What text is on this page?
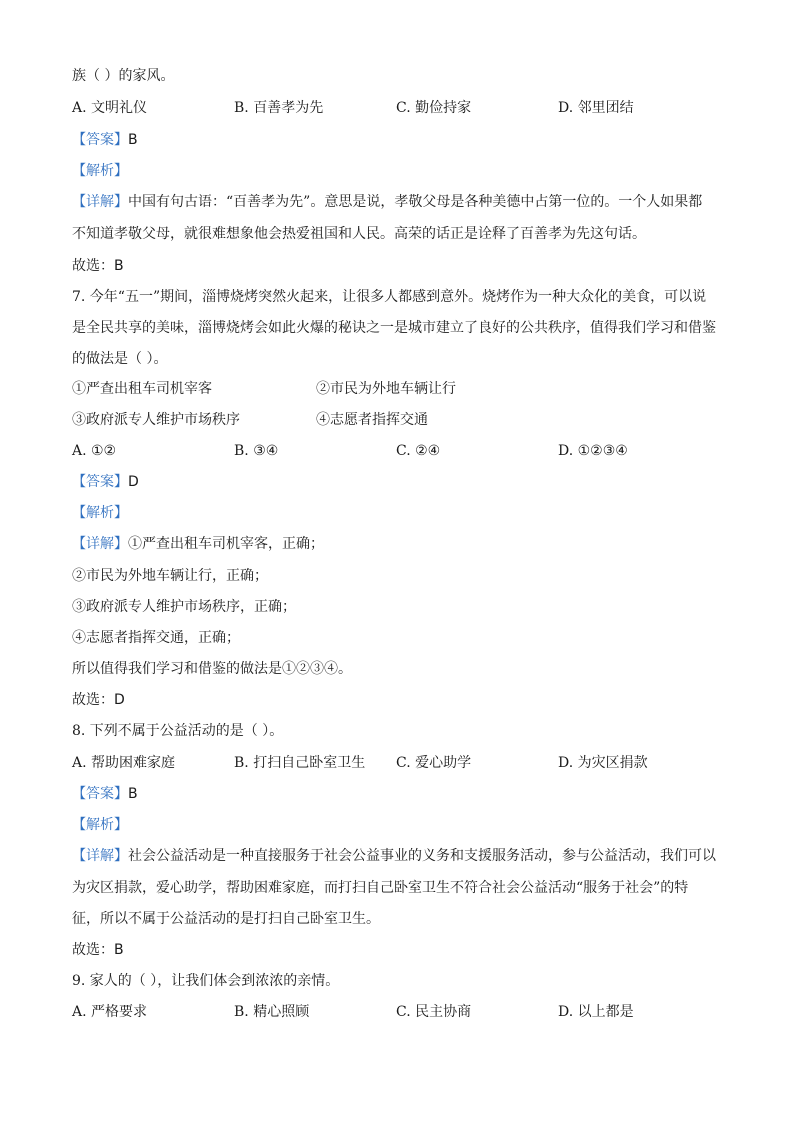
族（ ）的家风。
A. 文明礼仪	B. 百善孝为先	C. 勤俭持家	D. 邻里团结
【答案】B
【解析】
【详解】中国有句古语：“百善孝为先”。意思是说，孝敬父母是各种美德中占第一位的。一个人如果都
不知道孝敬父母，就很难想象他会热爱祖国和人民。高荣的话正是诠释了百善孝为先这句话。
故选：B
7. 今年“五一”期间，淄博烧烤突然火起来，让很多人都感到意外。烧烤作为一种大众化的美食，可以说
是全民共享的美味，淄博烧烤会如此火爆的秘诀之一是城市建立了良好的公共秩序，值得我们学习和借鉴
的做法是（ ）。
①严查出租车司机宰客	②市民为外地车辆让行
③政府派专人维护市场秩序	④志愿者指挥交通
A. ①②	B. ③④	C. ②④	D. ①②③④
【答案】D
【解析】
【详解】①严查出租车司机宰客，正确；
②市民为外地车辆让行，正确；
③政府派专人维护市场秩序，正确；
④志愿者指挥交通，正确；
所以值得我们学习和借鉴的做法是①②③④。
故选：D
8. 下列不属于公益活动的是（ ）。
A. 帮助困难家庭	B. 打扫自己卧室卫生 C. 爱心助学	D. 为灾区捐款
【答案】B
【解析】
【详解】社会公益活动是一种直接服务于社会公益事业的义务和支援服务活动，参与公益活动，我们可以
为灾区捐款，爱心助学，帮助困难家庭，而打扫自己卧室卫生不符合社会公益活动“服务于社会”的特
征，所以不属于公益活动的是打扫自己卧室卫生。
故选：B
9. 家人的（ ），让我们体会到浓浓的亲情。
A. 严格要求	B. 精心照顾	C. 民主协商	D. 以上都是
